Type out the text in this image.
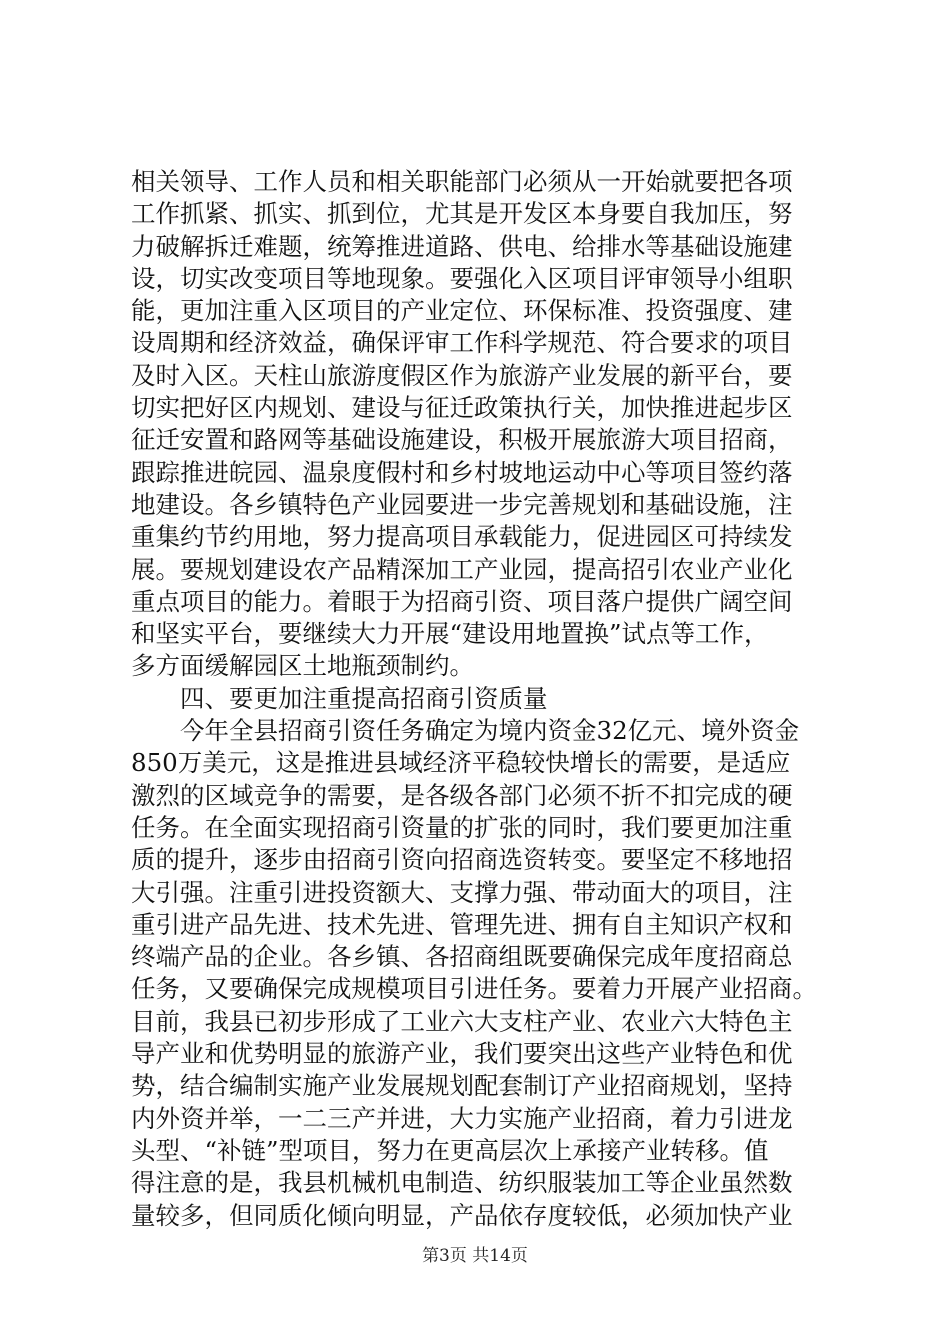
相关领导、工作人员和相关职能部门必须从一开始就要把各项
工作抓紧、抓实、抓到位，尤其是开发区本身要自我加压，努
力破解拆迁难题，统筹推进道路、供电、给排水等基础设施建
设，切实改变项目等地现象。要强化入区项目评审领导小组职
能，更加注重入区项目的产业定位、环保标准、投资强度、建
设周期和经济效益，确保评审工作科学规范、符合要求的项目
及时入区。天柱山旅游度假区作为旅游产业发展的新平台，要
切实把好区内规划、建设与征迁政策执行关，加快推进起步区
征迁安置和路网等基础设施建设，积极开展旅游大项目招商，
跟踪推进皖园、温泉度假村和乡村坡地运动中心等项目签约落
地建设。各乡镇特色产业园要进一步完善规划和基础设施，注
重集约节约用地，努力提高项目承载能力，促进园区可持续发
展。要规划建设农产品精深加工产业园，提高招引农业产业化
重点项目的能力。着眼于为招商引资、项目落户提供广阔空间
和坚实平台，要继续大力开展“建设用地置换”试点等工作，
多方面缓解园区土地瓶颈制约。
四、要更加注重提高招商引资质量
今年全县招商引资任务确定为境内资金32亿元、境外资金
850万美元，这是推进县域经济平稳较快增长的需要，是适应
激烈的区域竞争的需要，是各级各部门必须不折不扣完成的硬
任务。在全面实现招商引资量的扩张的同时，我们要更加注重
质的提升，逐步由招商引资向招商选资转变。要坚定不移地招
大引强。注重引进投资额大、支撑力强、带动面大的项目，注
重引进产品先进、技术先进、管理先进、拥有自主知识产权和
终端产品的企业。各乡镇、各招商组既要确保完成年度招商总
任务，又要确保完成规模项目引进任务。要着力开展产业招商。
目前，我县已初步形成了工业六大支柱产业、农业六大特色主
导产业和优势明显的旅游产业，我们要突出这些产业特色和优
势，结合编制实施产业发展规划配套制订产业招商规划，坚持
内外资并举，一二三产并进，大力实施产业招商，着力引进龙
头型、“补链”型项目，努力在更高层次上承接产业转移。值
得注意的是，我县机械机电制造、纺织服装加工等企业虽然数
量较多，但同质化倾向明显，产品依存度较低，必须加快产业
第3页 共14页
